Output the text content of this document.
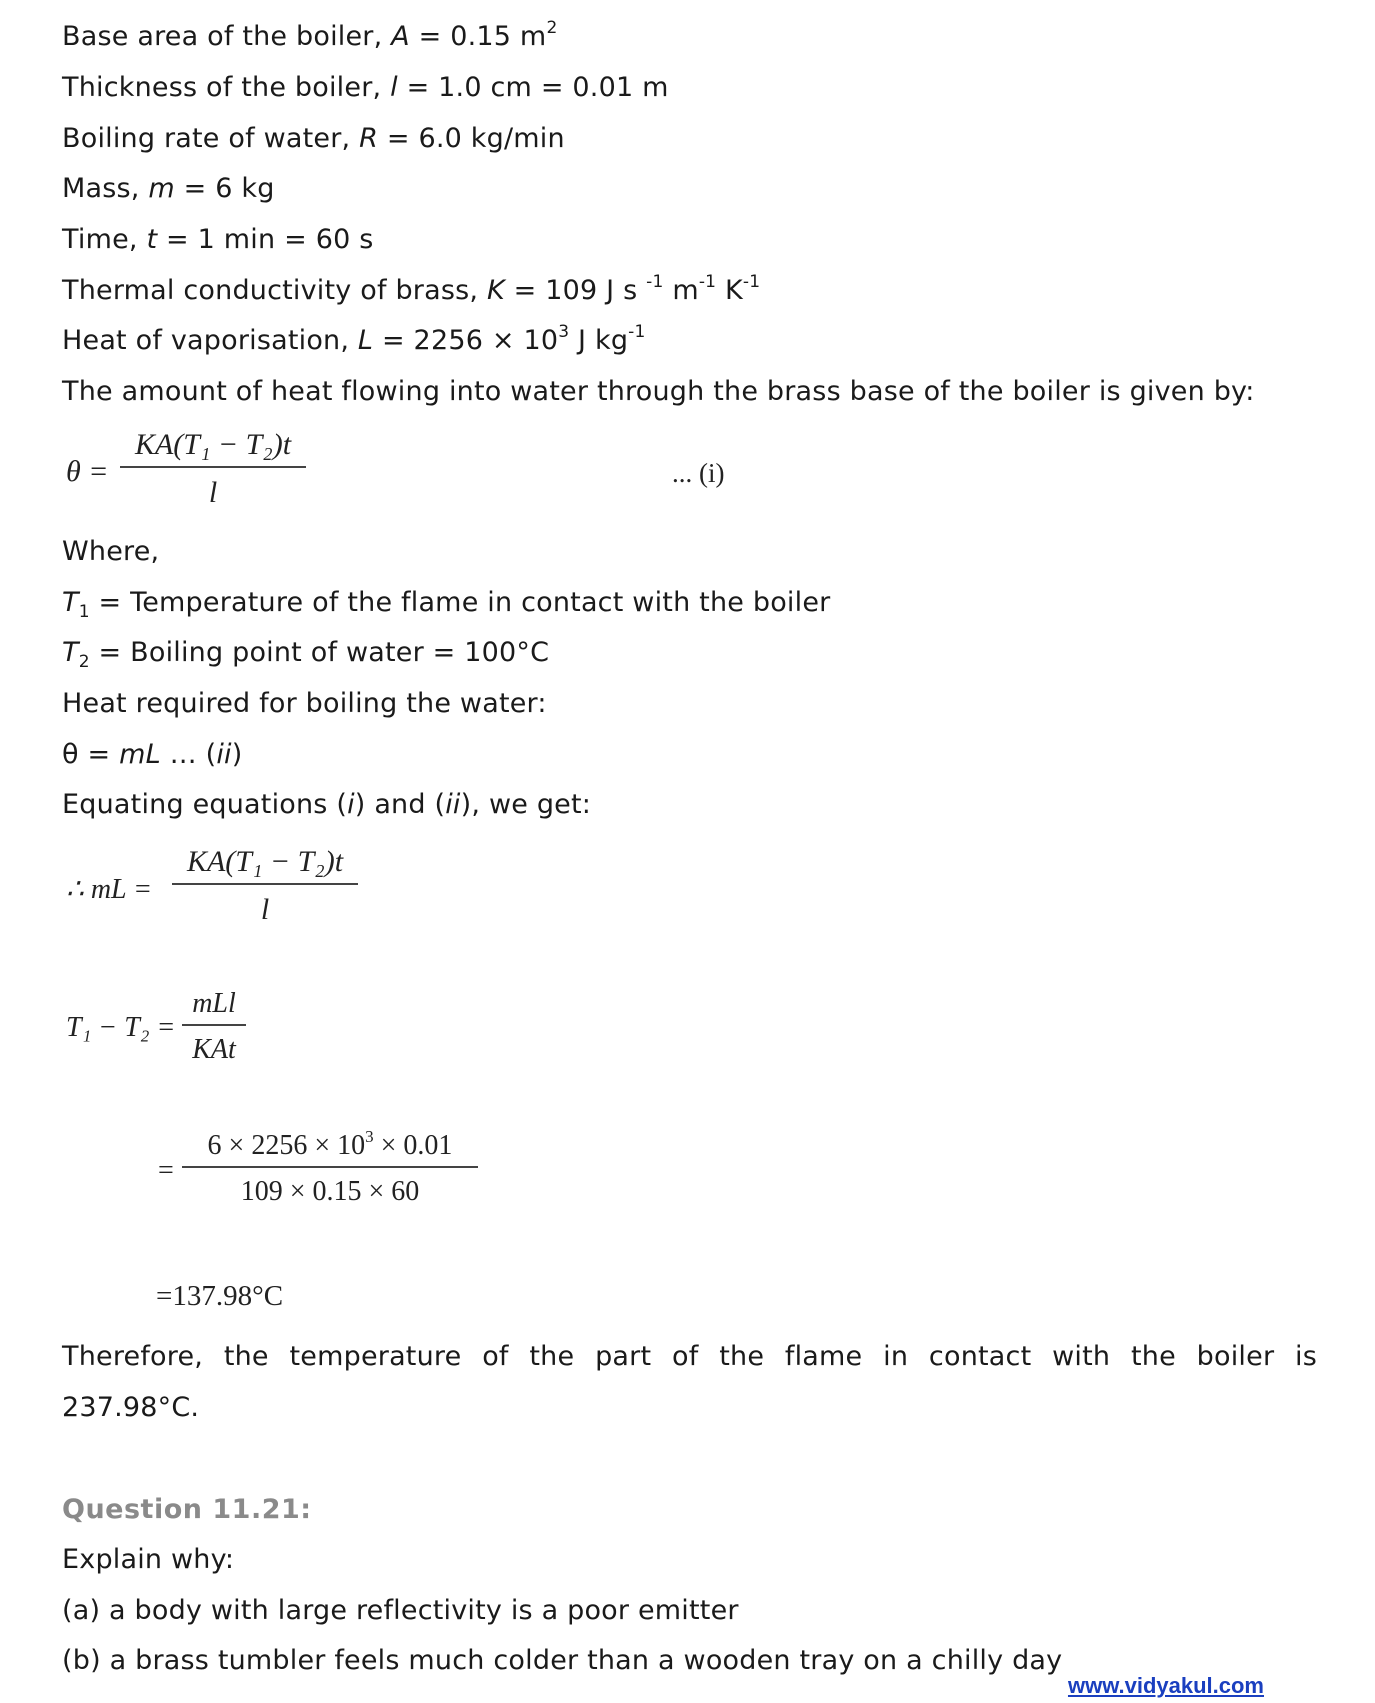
Base area of the boiler, A = 0.15 $m^2$
Thickness of the boiler, l = 1.0 cm = 0.01 m
Boiling rate of water, R = 6.0 kg/min
Mass, m = 6 kg
Time, t = 1 min = 60 s
Thermal conductivity of brass, K = 109 J s $^{-1}$ $m^{-1}$ $K^{-1}$
Heat of vaporisation, $L = 2256 \times 10^3$ J $kg^{-1}$
The amount of heat flowing into water through the brass base of the boiler is given by:
θ =
KA(T₁ − T₂)t
l
... (i)
Where,
$T_1$ = Temperature of the flame in contact with the boiler
$T_2$ = Boiling point of water = 100°C
Heat required for boiling the water:
θ = mL … (ii)
Equating equations (i) and (ii), we get:
∴ mL =
KA(T₁ − T₂)t
l
T₁ − T₂ =
mLl
KAt
=
$6 \times 2256 \times 10^3 \times 0.01$
109 × 0.15 × 60
=137.98°C
Therefore, the temperature of the part of the flame in contact with the boiler is
237.98°C.
Question 11.21:
Explain why:
(a) a body with large reflectivity is a poor emitter
(b) a brass tumbler feels much colder than a wooden tray on a chilly day
www.vidyakul.com
